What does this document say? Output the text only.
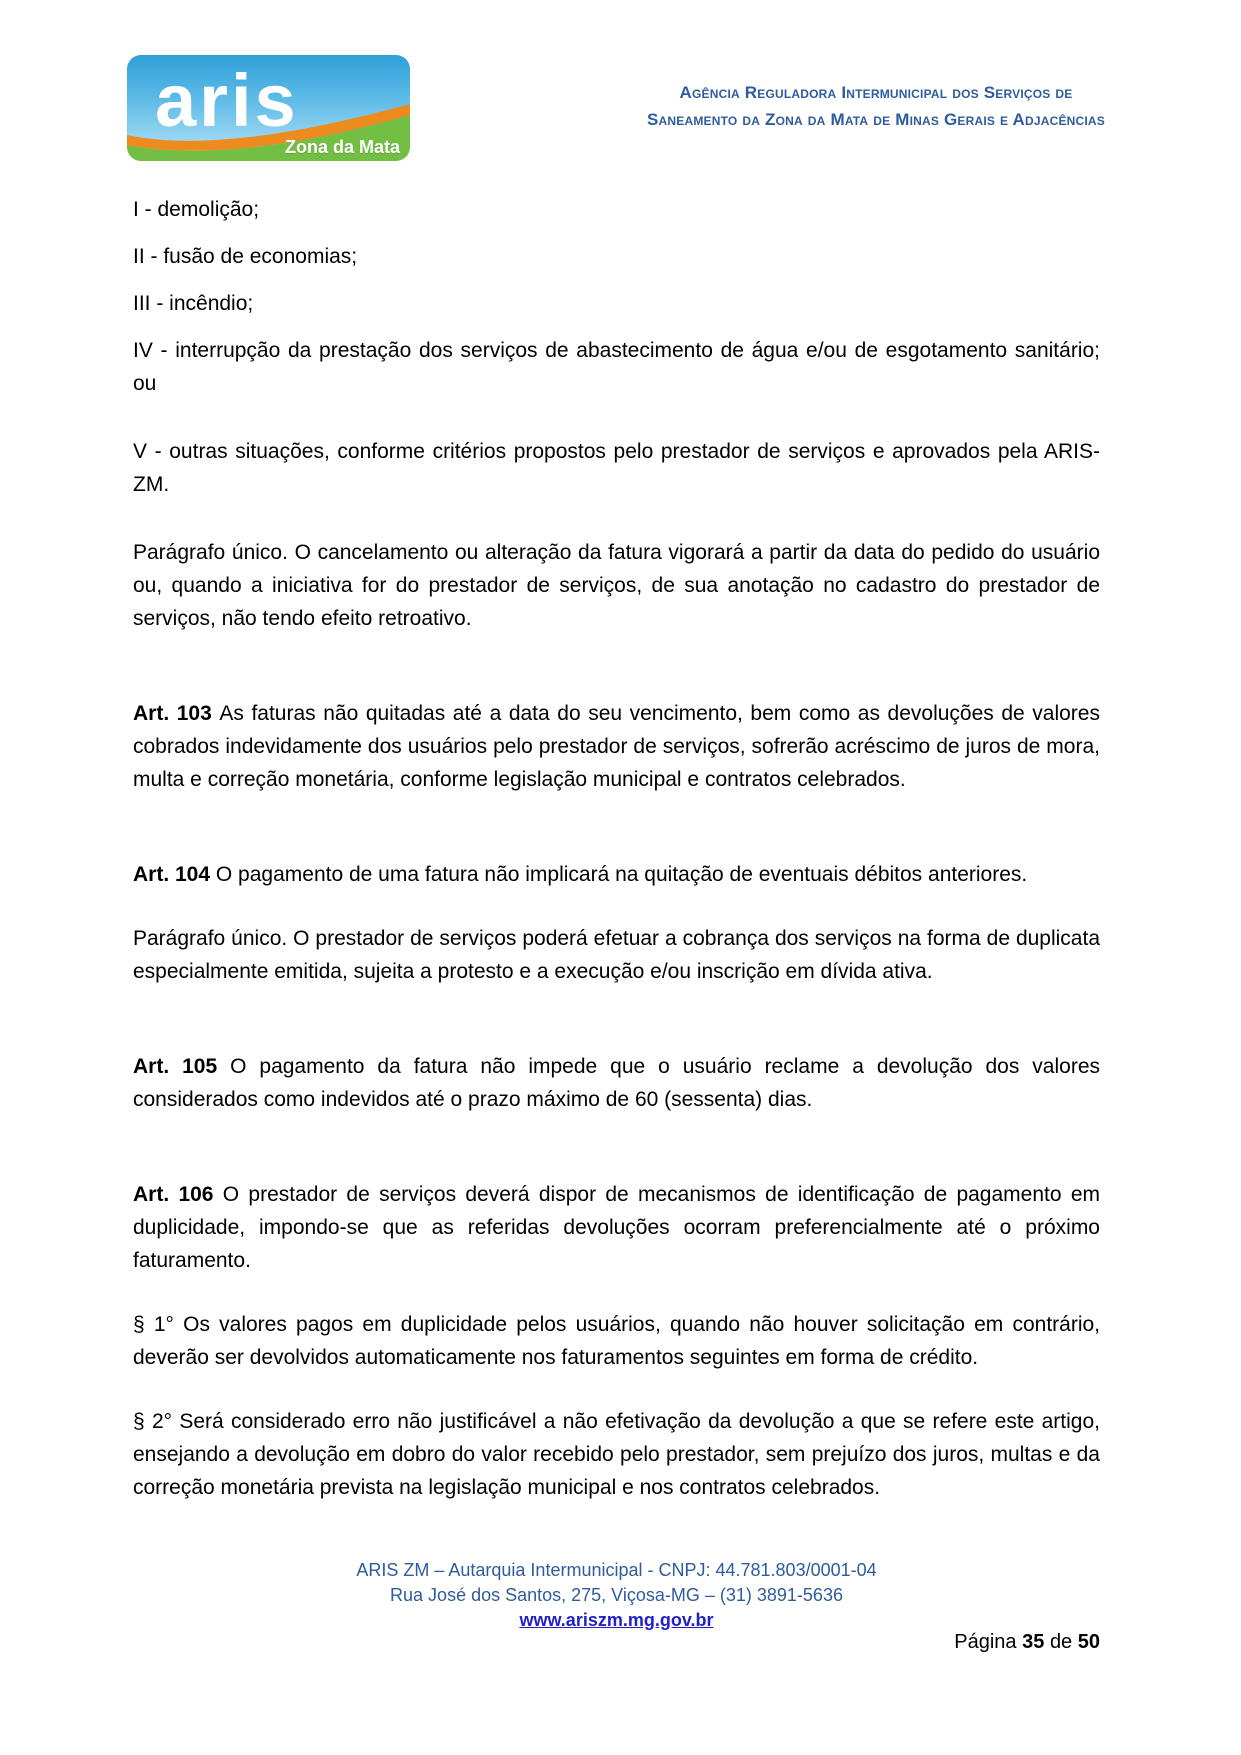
aris
Zona da Mata
Agência Reguladora Intermunicipal dos Serviços de
Saneamento da Zona da Mata de Minas Gerais e Adjacências

I - demolição;

II - fusão de economias;

III - incêndio;

IV - interrupção da prestação dos serviços de abastecimento de água e/ou de esgotamento sanitário; ou

V - outras situações, conforme critérios propostos pelo prestador de serviços e aprovados pela ARIS-ZM.

Parágrafo único. O cancelamento ou alteração da fatura vigorará a partir da data do pedido do usuário ou, quando a iniciativa for do prestador de serviços, de sua anotação no cadastro do prestador de serviços, não tendo efeito retroativo.

Art. 103 As faturas não quitadas até a data do seu vencimento, bem como as devoluções de valores cobrados indevidamente dos usuários pelo prestador de serviços, sofrerão acréscimo de juros de mora, multa e correção monetária, conforme legislação municipal e contratos celebrados.

Art. 104 O pagamento de uma fatura não implicará na quitação de eventuais débitos anteriores.

Parágrafo único. O prestador de serviços poderá efetuar a cobrança dos serviços na forma de duplicata especialmente emitida, sujeita a protesto e a execução e/ou inscrição em dívida ativa.

Art. 105 O pagamento da fatura não impede que o usuário reclame a devolução dos valores considerados como indevidos até o prazo máximo de 60 (sessenta) dias.

Art. 106 O prestador de serviços deverá dispor de mecanismos de identificação de pagamento em duplicidade, impondo-se que as referidas devoluções ocorram preferencialmente até o próximo faturamento.

§ 1° Os valores pagos em duplicidade pelos usuários, quando não houver solicitação em contrário, deverão ser devolvidos automaticamente nos faturamentos seguintes em forma de crédito.

§ 2° Será considerado erro não justificável a não efetivação da devolução a que se refere este artigo, ensejando a devolução em dobro do valor recebido pelo prestador, sem prejuízo dos juros, multas e da correção monetária prevista na legislação municipal e nos contratos celebrados.

ARIS ZM – Autarquia Intermunicipal - CNPJ: 44.781.803/0001-04
Rua José dos Santos, 275, Viçosa-MG – (31) 3891-5636
www.ariszm.mg.gov.br
Página 35 de 50
